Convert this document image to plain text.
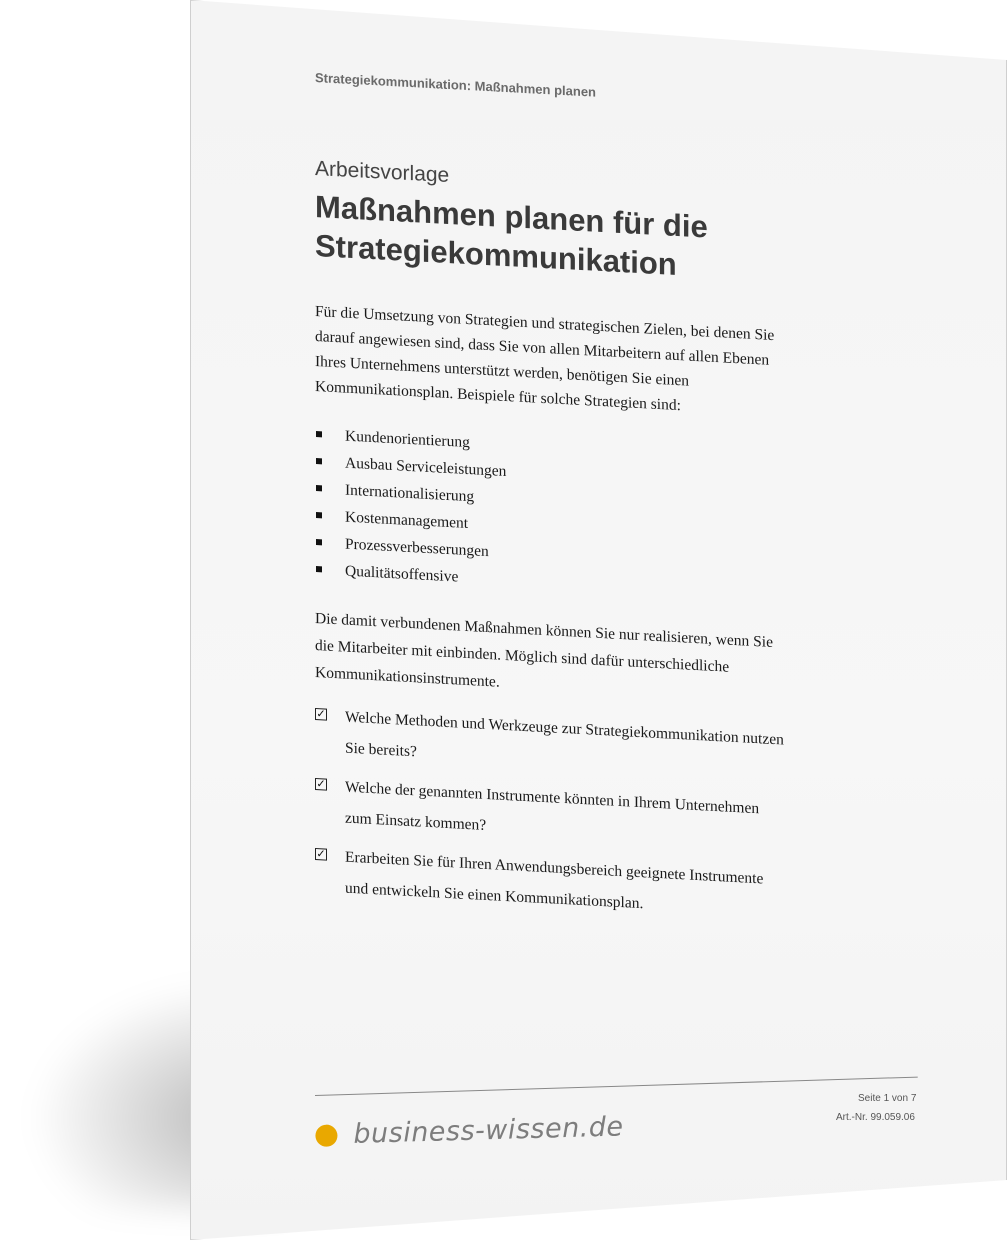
Strategiekommunikation: Maßnahmen planen
Arbeitsvorlage
Maßnahmen planen für die Strategiekommunikation
Für die Umsetzung von Strategien und strategischen Zielen, bei denen Sie darauf angewiesen sind, dass Sie von allen Mitarbeitern auf allen Ebenen Ihres Unternehmens unterstützt werden, benötigen Sie einen Kommunikationsplan. Beispiele für solche Strategien sind:
Kundenorientierung
Ausbau Serviceleistungen
Internationalisierung
Kostenmanagement
Prozessverbesserungen
Qualitätsoffensive
Die damit verbundenen Maßnahmen können Sie nur realisieren, wenn Sie die Mitarbeiter mit einbinden. Möglich sind dafür unterschiedliche Kommunikationsinstrumente.
✓ Welche Methoden und Werkzeuge zur Strategiekommunikation nutzen Sie bereits?
✓ Welche der genannten Instrumente könnten in Ihrem Unternehmen zum Einsatz kommen?
✓ Erarbeiten Sie für Ihren Anwendungsbereich geeignete Instrumente und entwickeln Sie einen Kommunikationsplan.
Seite 1 von 7
Art.-Nr. 99.059.06
business-wissen.de
